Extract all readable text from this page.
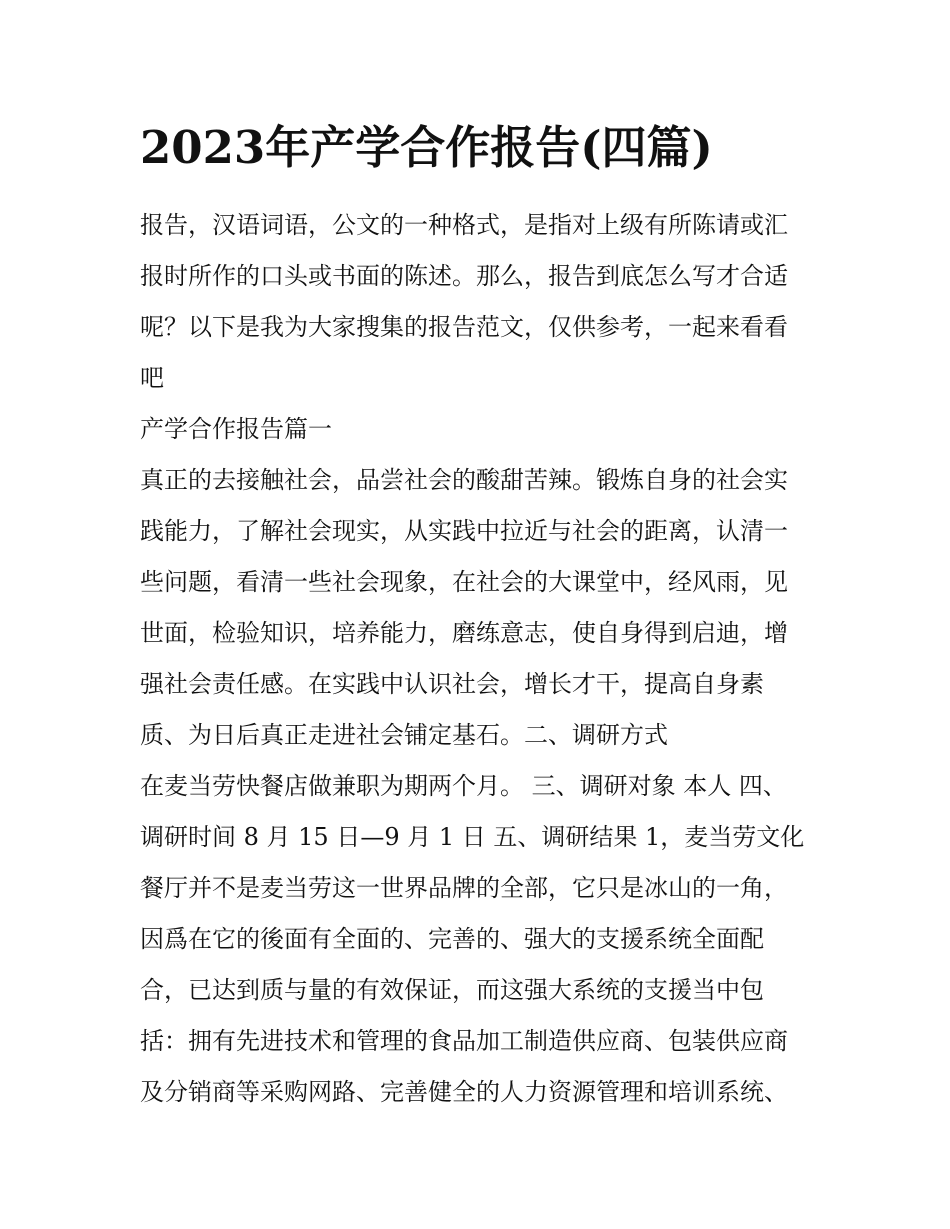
2023年产学合作报告(四篇)
报告，汉语词语，公文的一种格式，是指对上级有所陈请或汇
报时所作的口头或书面的陈述。那么，报告到底怎么写才合适
呢？以下是我为大家搜集的报告范文，仅供参考，一起来看看
吧
产学合作报告篇一
真正的去接触社会，品尝社会的酸甜苦辣。锻炼自身的社会实
践能力，了解社会现实，从实践中拉近与社会的距离，认清一
些问题，看清一些社会现象，在社会的大课堂中，经风雨，见
世面，检验知识，培养能力，磨练意志，使自身得到启迪，增
强社会责任感。在实践中认识社会，增长才干，提高自身素
质、为日后真正走进社会铺定基石。二、调研方式
在麦当劳快餐店做兼职为期两个月。 三、调研对象 本人 四、
调研时间 8 月 15 日—9 月 1 日 五、调研结果 1，麦当劳文化
餐厅并不是麦当劳这一世界品牌的全部，它只是冰山的一角，
因爲在它的後面有全面的、完善的、强大的支援系统全面配
合，已达到质与量的有效保证，而这强大系统的支援当中包
括：拥有先进技术和管理的食品加工制造供应商、包装供应商
及分销商等采购网路、完善健全的人力资源管理和培训系统、
